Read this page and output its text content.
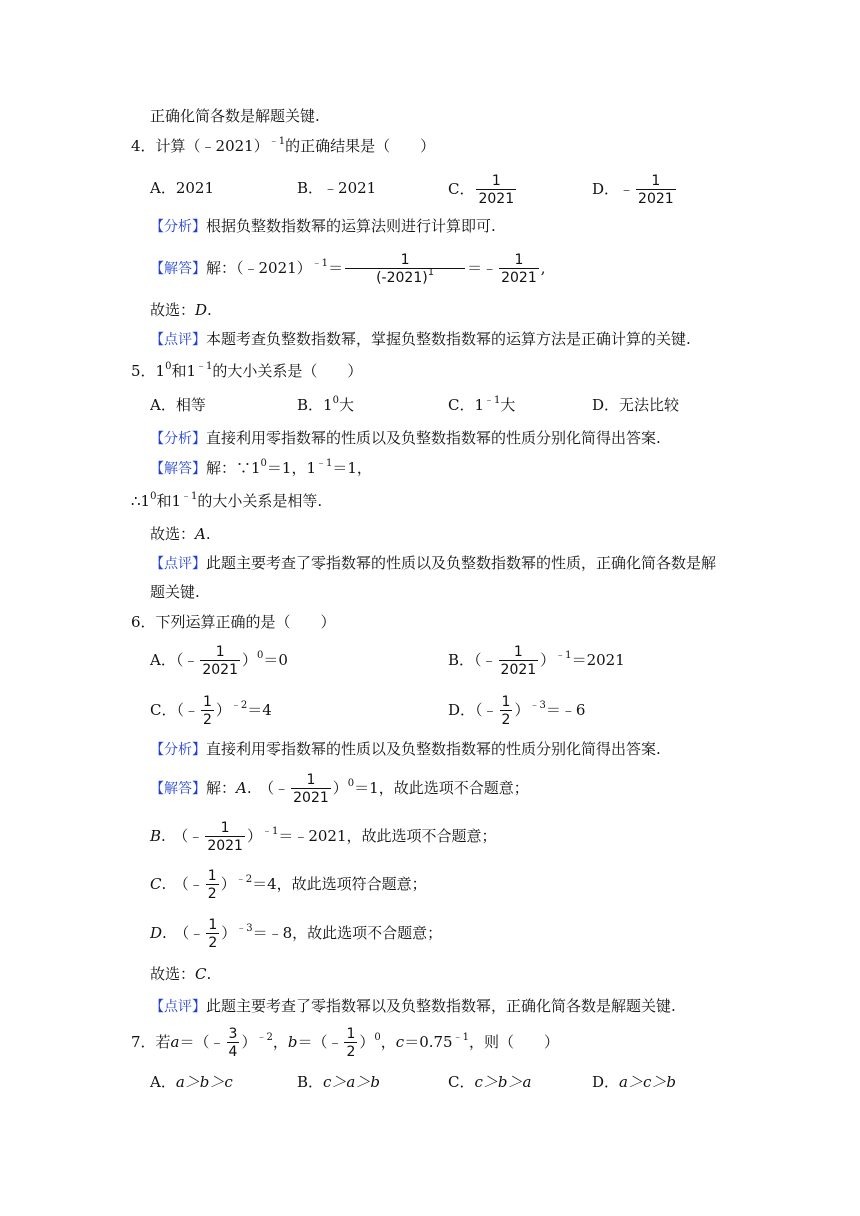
正确化简各数是解题关键.
4．计算（﹣2021）$^{﹣1}$的正确结果是（　　）
A．2021	B．﹣2021	C． $\frac{1}{2021}$	D．﹣ $\frac{1}{2021}$
【分析】根据负整数指数幂的运算法则进行计算即可.
【解答】解：（﹣2021）$^{﹣1}$＝ $\frac{1}{(-2021)^1}$ ＝﹣ $\frac{1}{2021}$ ,
故选：D.
【点评】本题考查负整数指数幂，掌握负整数指数幂的运算方法是正确计算的关键.
5．$1^0$和$1^{﹣1}$的大小关系是（　　）
A．相等	B．$1^0$大	C．$1^{﹣1}$大	D．无法比较
【分析】直接利用零指数幂的性质以及负整数指数幂的性质分别化简得出答案.
【解答】解：$\because 1^0=1$，$1^{﹣1}=1$，
$\therefore 1^0$和$1^{﹣1}$的大小关系是相等.
故选：A.
【点评】此题主要考查了零指数幂的性质以及负整数指数幂的性质，正确化简各数是解
题关键.
6．下列运算正确的是（　　）
A．（﹣ $\frac{1}{2021} )^0=0$	B．（﹣ $\frac{1}{2021} )^{﹣1}=2021$
C．（﹣ $\frac{1}{2} )^{﹣2}=4$	D．（﹣ $\frac{1}{2}$ ）$^{﹣3}$＝﹣6
【分析】直接利用零指数幂的性质以及负整数指数幂的性质分别化简得出答案.
【解答】解：A.　（﹣ $\frac{1}{2021} )^0=1$，故此选项不合题意；
B.　（﹣ $\frac{1}{2021}$ ）$^{﹣1}$＝﹣2021，故此选项不合题意；
C.　（﹣ $\frac{1}{2} )^{﹣2}=4$，故此选项符合题意；
D.　（﹣ $\frac{1}{2}$ ）$^{﹣3}$＝﹣8，故此选项不合题意；
故选：C.
【点评】此题主要考查了零指数幂以及负整数指数幂，正确化简各数是解题关键.
7．若a＝（﹣ $\frac{3}{4} )^{﹣2}$，b＝（﹣ $\frac{1}{2} )^0$，$c=0.75^{﹣1}$，则（　　）
A．a＞b＞c	B．c＞a＞b	C．c＞b＞a	D．a＞c＞b
